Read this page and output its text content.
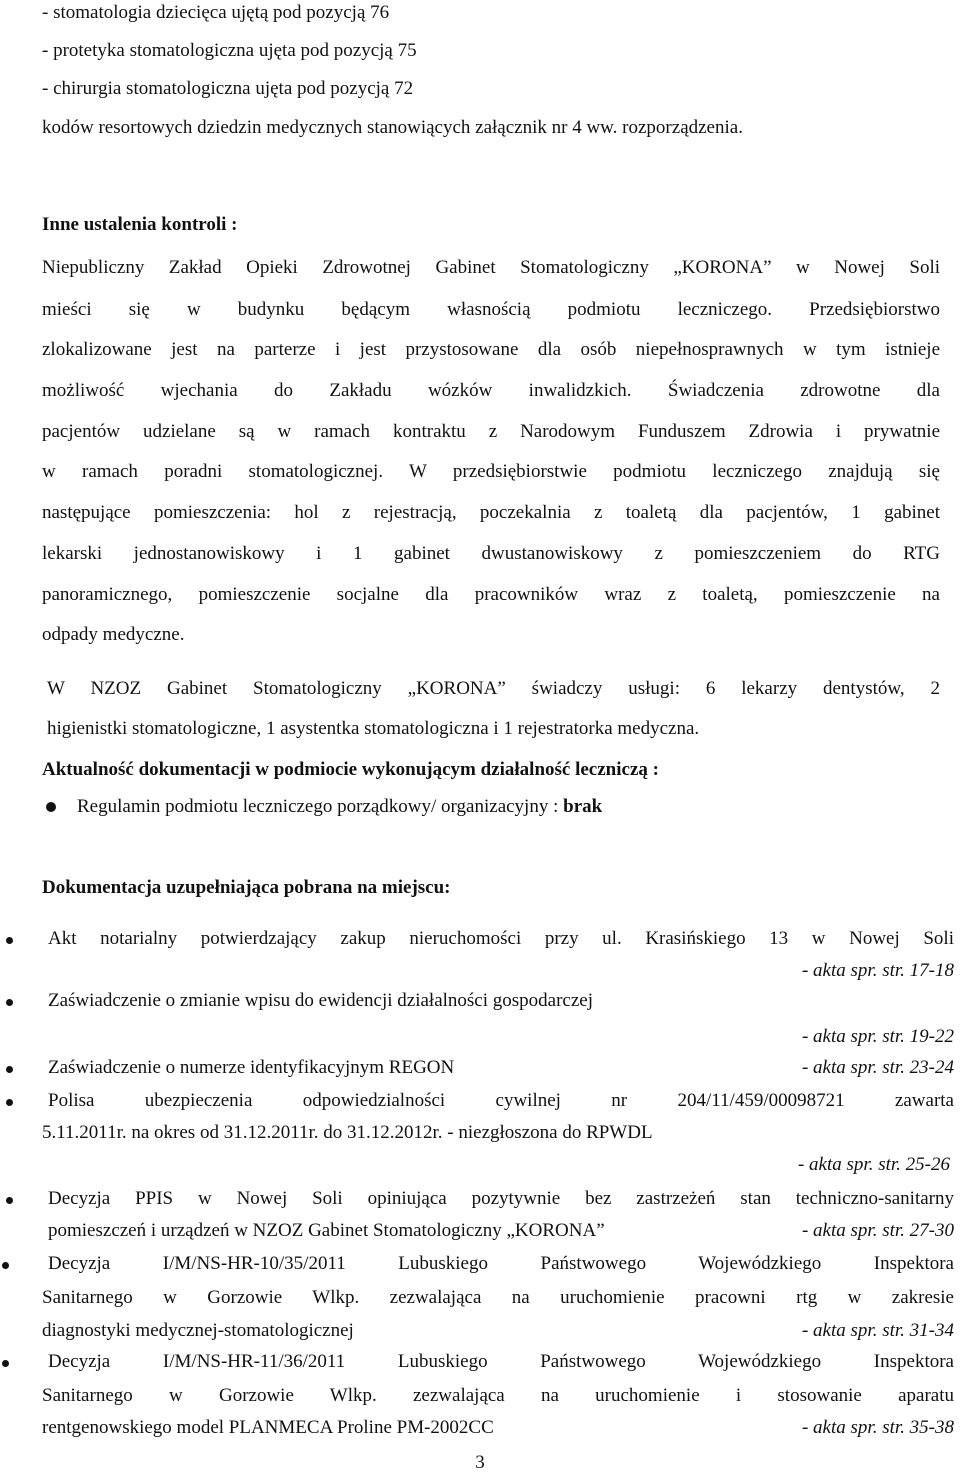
- stomatologia dziecięca ujętą pod pozycją 76
- protetyka stomatologiczna ujęta pod pozycją 75
- chirurgia stomatologiczna ujęta pod pozycją 72
kodów resortowych dziedzin medycznych stanowiących załącznik nr 4 ww. rozporządzenia.
Inne ustalenia kontroli :
Niepubliczny Zakład Opieki Zdrowotnej Gabinet Stomatologiczny „KORONA” w Nowej Soli
mieści się w budynku będącym własnością podmiotu leczniczego. Przedsiębiorstwo
zlokalizowane jest na parterze i jest przystosowane dla osób niepełnosprawnych w tym istnieje
możliwość wjechania do Zakładu wózków inwalidzkich. Świadczenia zdrowotne dla
pacjentów udzielane są w ramach kontraktu z Narodowym Funduszem Zdrowia i prywatnie
w ramach poradni stomatologicznej. W przedsiębiorstwie podmiotu leczniczego znajdują się
następujące pomieszczenia: hol z rejestracją, poczekalnia z toaletą dla pacjentów, 1 gabinet
lekarski jednostanowiskowy i 1 gabinet dwustanowiskowy z pomieszczeniem do RTG
panoramicznego, pomieszczenie socjalne dla pracowników wraz z toaletą, pomieszczenie na
odpady medyczne.
W NZOZ Gabinet Stomatologiczny „KORONA” świadczy usługi: 6 lekarzy dentystów, 2
higienistki stomatologiczne, 1 asystentka stomatologiczna i 1 rejestratorka medyczna.
Aktualność dokumentacji w podmiocie wykonującym działalność leczniczą :
Regulamin podmiotu leczniczego porządkowy/ organizacyjny : brak
Dokumentacja uzupełniająca pobrana na miejscu:
Akt notarialny potwierdzający zakup nieruchomości przy ul. Krasińskiego 13 w Nowej Soli
- akta spr. str. 17-18
Zaświadczenie o zmianie wpisu do ewidencji działalności gospodarczej
- akta spr. str. 19-22
Zaświadczenie o numerze identyfikacyjnym REGON	- akta spr. str. 23-24
Polisa ubezpieczenia odpowiedzialności cywilnej nr 204/11/459/00098721 zawarta
5.11.2011r. na okres od 31.12.2011r. do 31.12.2012r. - niezgłoszona do RPWDL
- akta spr. str. 25-26
Decyzja PPIS w Nowej Soli opiniująca pozytywnie bez zastrzeżeń stan techniczno-sanitarny
pomieszczeń i urządzeń w NZOZ Gabinet Stomatologiczny „KORONA”	- akta spr. str. 27-30
Decyzja I/M/NS-HR-10/35/2011 Lubuskiego Państwowego Wojewódzkiego Inspektora
Sanitarnego w Gorzowie Wlkp. zezwalająca na uruchomienie pracowni rtg w zakresie
diagnostyki medycznej-stomatologicznej	- akta spr. str. 31-34
Decyzja I/M/NS-HR-11/36/2011 Lubuskiego Państwowego Wojewódzkiego Inspektora
Sanitarnego w Gorzowie Wlkp. zezwalająca na uruchomienie i stosowanie aparatu
rentgenowskiego model PLANMECA Proline PM-2002CC	- akta spr. str. 35-38
3
